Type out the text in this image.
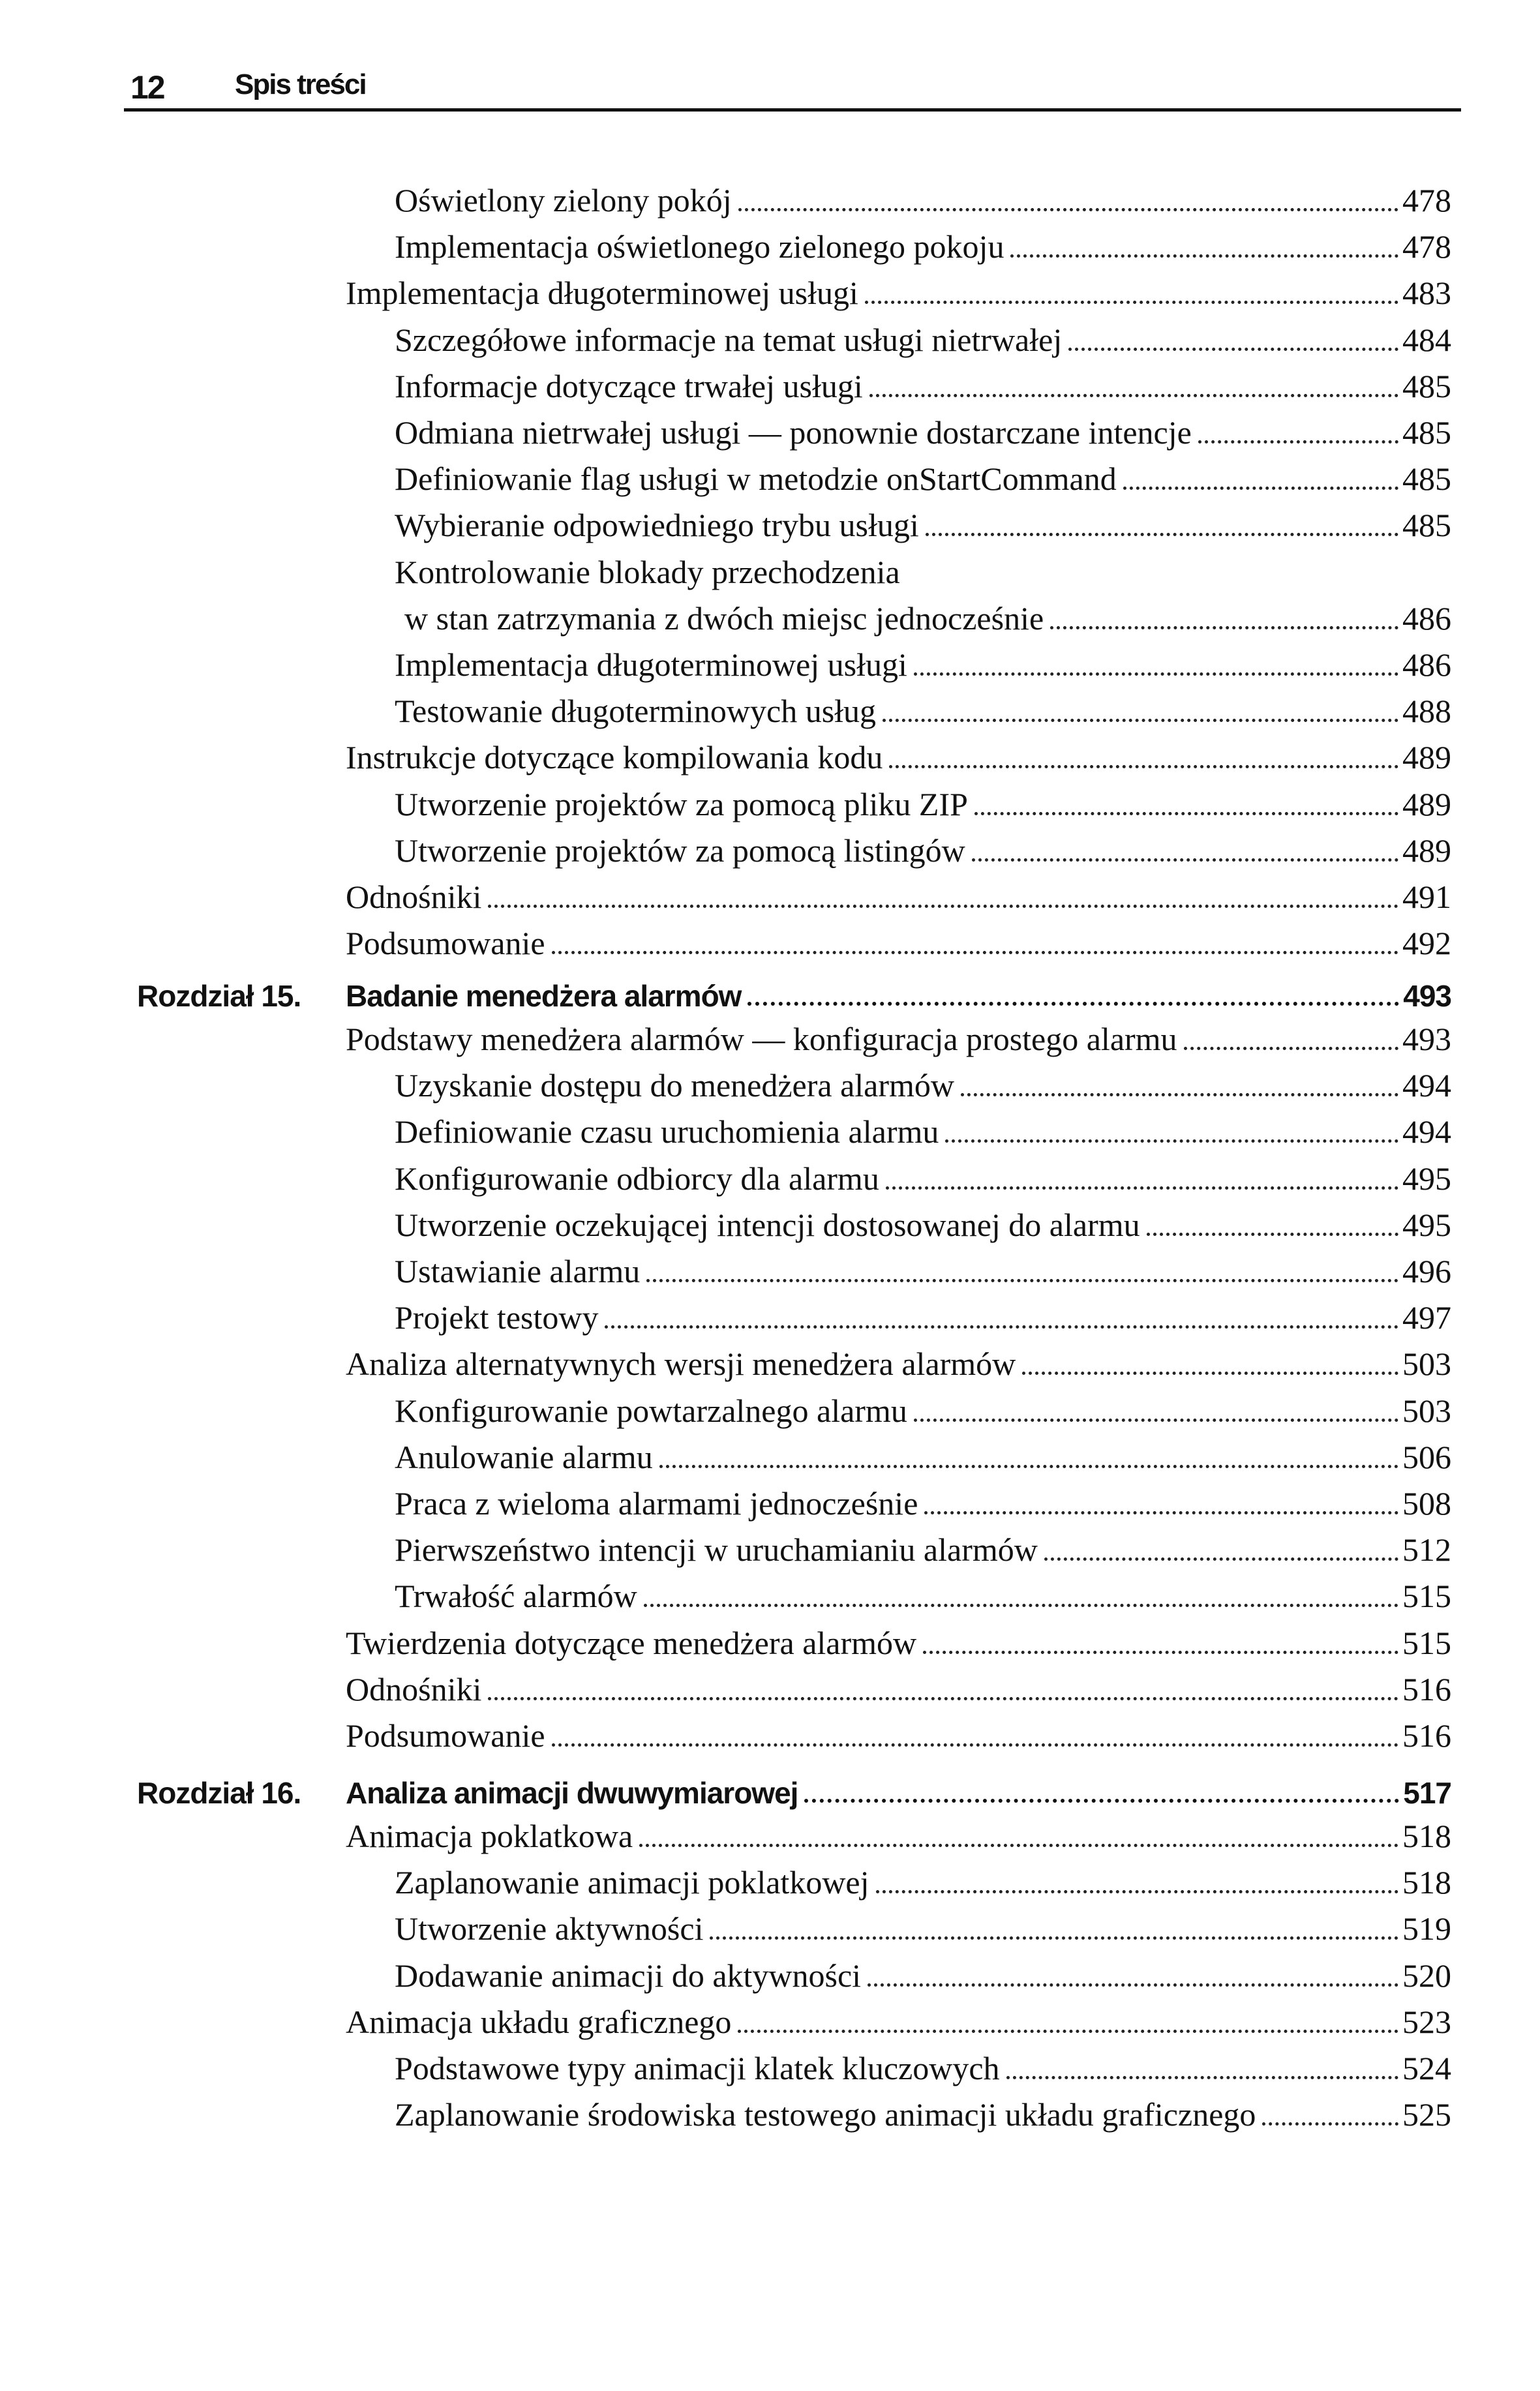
12 Spis treści
Oświetlony zielony pokój	478
Implementacja oświetlonego zielonego pokoju	478
Implementacja długoterminowej usługi	483
Szczegółowe informacje na temat usługi nietrwałej	484
Informacje dotyczące trwałej usługi	485
Odmiana nietrwałej usługi — ponownie dostarczane intencje	485
Definiowanie flag usługi w metodzie onStartCommand	485
Wybieranie odpowiedniego trybu usługi	485
Kontrolowanie blokady przechodzenia
w stan zatrzymania z dwóch miejsc jednocześnie	486
Implementacja długoterminowej usługi	486
Testowanie długoterminowych usług	488
Instrukcje dotyczące kompilowania kodu	489
Utworzenie projektów za pomocą pliku ZIP	489
Utworzenie projektów za pomocą listingów	489
Odnośniki	491
Podsumowanie	492
Rozdział 15.	Badanie menedżera alarmów	493
Podstawy menedżera alarmów — konfiguracja prostego alarmu	493
Uzyskanie dostępu do menedżera alarmów	494
Definiowanie czasu uruchomienia alarmu	494
Konfigurowanie odbiorcy dla alarmu	495
Utworzenie oczekującej intencji dostosowanej do alarmu	495
Ustawianie alarmu	496
Projekt testowy	497
Analiza alternatywnych wersji menedżera alarmów	503
Konfigurowanie powtarzalnego alarmu	503
Anulowanie alarmu	506
Praca z wieloma alarmami jednocześnie	508
Pierwszeństwo intencji w uruchamianiu alarmów	512
Trwałość alarmów	515
Twierdzenia dotyczące menedżera alarmów	515
Odnośniki	516
Podsumowanie	516
Rozdział 16.	Analiza animacji dwuwymiarowej	517
Animacja poklatkowa	518
Zaplanowanie animacji poklatkowej	518
Utworzenie aktywności	519
Dodawanie animacji do aktywności	520
Animacja układu graficznego	523
Podstawowe typy animacji klatek kluczowych	524
Zaplanowanie środowiska testowego animacji układu graficznego	525
